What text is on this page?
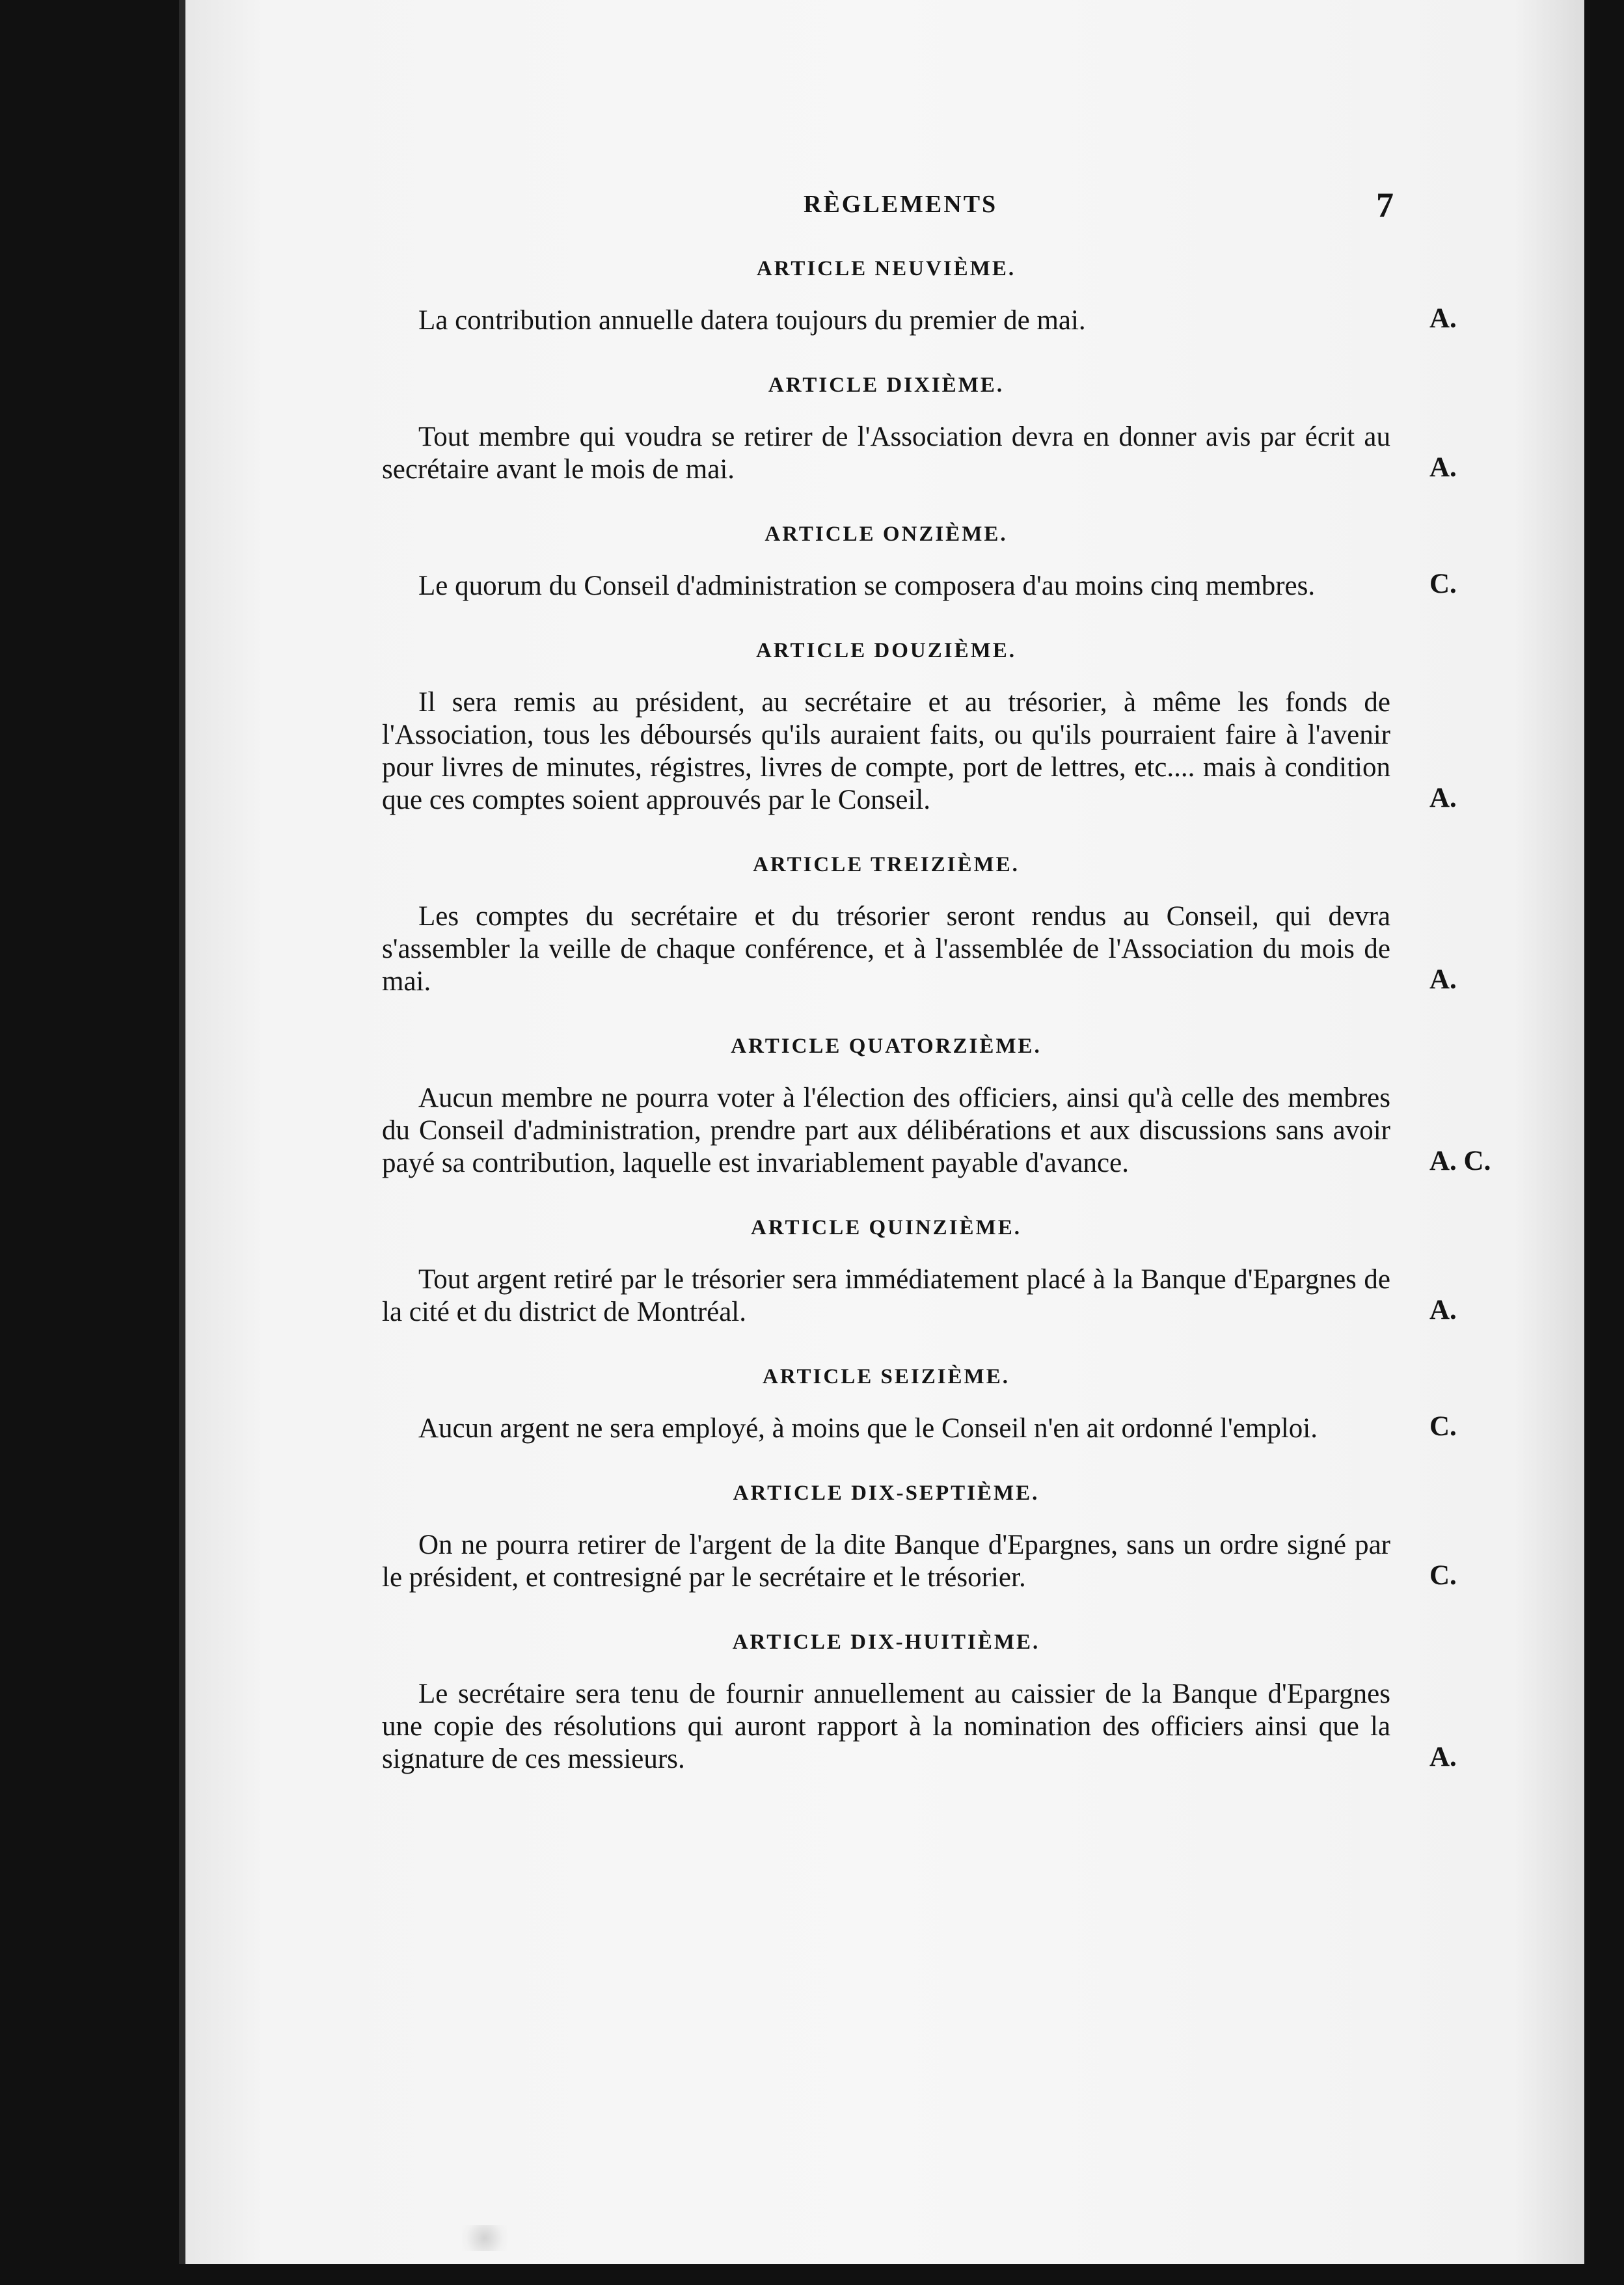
RÈGLEMENTS	7
ARTICLE NEUVIÈME.
La contribution annuelle datera toujours du premier de mai.	A.
ARTICLE DIXIÈME.
Tout membre qui voudra se retirer de l'Association devra en donner avis par écrit au secrétaire avant le mois de mai.	A.
ARTICLE ONZIÈME.
Le quorum du Conseil d'administration se composera d'au moins cinq membres.	C.
ARTICLE DOUZIÈME.
Il sera remis au président, au secrétaire et au trésorier, à même les fonds de l'Association, tous les déboursés qu'ils auraient faits, ou qu'ils pourraient faire à l'avenir pour livres de minutes, régistres, livres de compte, port de lettres, etc.... mais à condition que ces comptes soient approuvés par le Conseil.	A.
ARTICLE TREIZIÈME.
Les comptes du secrétaire et du trésorier seront rendus au Conseil, qui devra s'assembler la veille de chaque conférence, et à l'assemblée de l'Association du mois de mai.	A.
ARTICLE QUATORZIÈME.
Aucun membre ne pourra voter à l'élection des officiers, ainsi qu'à celle des membres du Conseil d'administration, prendre part aux délibérations et aux discussions sans avoir payé sa contribution, laquelle est invariablement payable d'avance.	A. C.
ARTICLE QUINZIÈME.
Tout argent retiré par le trésorier sera immédiatement placé à la Banque d'Epargnes de la cité et du district de Montréal.	A.
ARTICLE SEIZIÈME.
Aucun argent ne sera employé, à moins que le Conseil n'en ait ordonné l'emploi.	C.
ARTICLE DIX-SEPTIÈME.
On ne pourra retirer de l'argent de la dite Banque d'Epargnes, sans un ordre signé par le président, et contresigné par le secrétaire et le trésorier.	C.
ARTICLE DIX-HUITIÈME.
Le secrétaire sera tenu de fournir annuellement au caissier de la Banque d'Epargnes une copie des résolutions qui auront rapport à la nomination des officiers ainsi que la signature de ces messieurs.	A.
